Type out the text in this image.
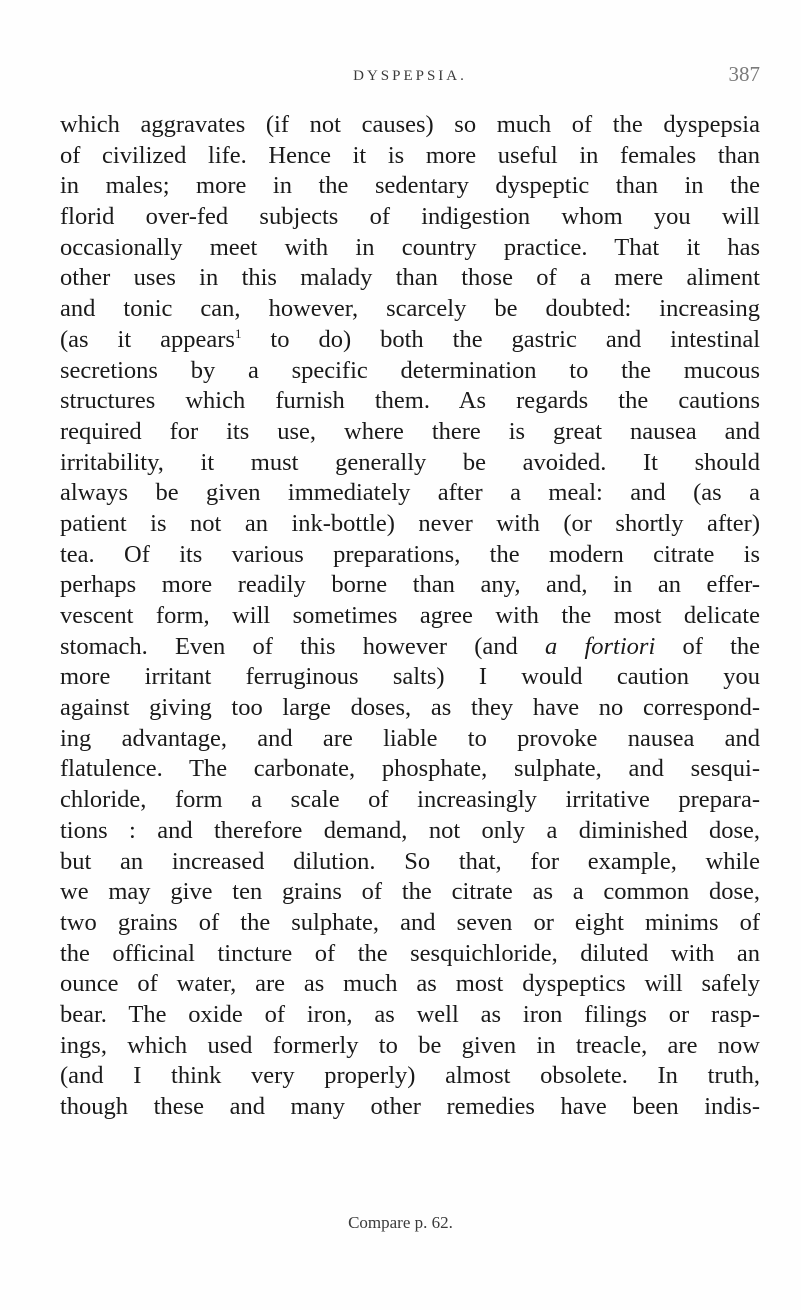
DYSPEPSIA.	387
which aggravates (if not causes) so much of the dyspepsia
of civilized life. Hence it is more useful in females than
in males; more in the sedentary dyspeptic than in the
florid over-fed subjects of indigestion whom you will
occasionally meet with in country practice. That it has
other uses in this malady than those of a mere aliment
and tonic can, however, scarcely be doubted: increasing
(as it appears$^1$ to do) both the gastric and intestinal
secretions by a specific determination to the mucous
structures which furnish them. As regards the cautions
required for its use, where there is great nausea and
irritability, it must generally be avoided. It should
always be given immediately after a meal: and (as a
patient is not an ink-bottle) never with (or shortly after)
tea. Of its various preparations, the modern citrate is
perhaps more readily borne than any, and, in an effer-
vescent form, will sometimes agree with the most delicate
stomach. Even of this however (and a fortiori of the
more irritant ferruginous salts) I would caution you
against giving too large doses, as they have no correspond-
ing advantage, and are liable to provoke nausea and
flatulence. The carbonate, phosphate, sulphate, and sesqui-
chloride, form a scale of increasingly irritative prepara-
tions : and therefore demand, not only a diminished dose,
but an increased dilution. So that, for example, while
we may give ten grains of the citrate as a common dose,
two grains of the sulphate, and seven or eight minims of
the officinal tincture of the sesquichloride, diluted with an
ounce of water, are as much as most dyspeptics will safely
bear. The oxide of iron, as well as iron filings or rasp-
ings, which used formerly to be given in treacle, are now
(and I think very properly) almost obsolete. In truth,
though these and many other remedies have been indis-
Compare p. 62.
